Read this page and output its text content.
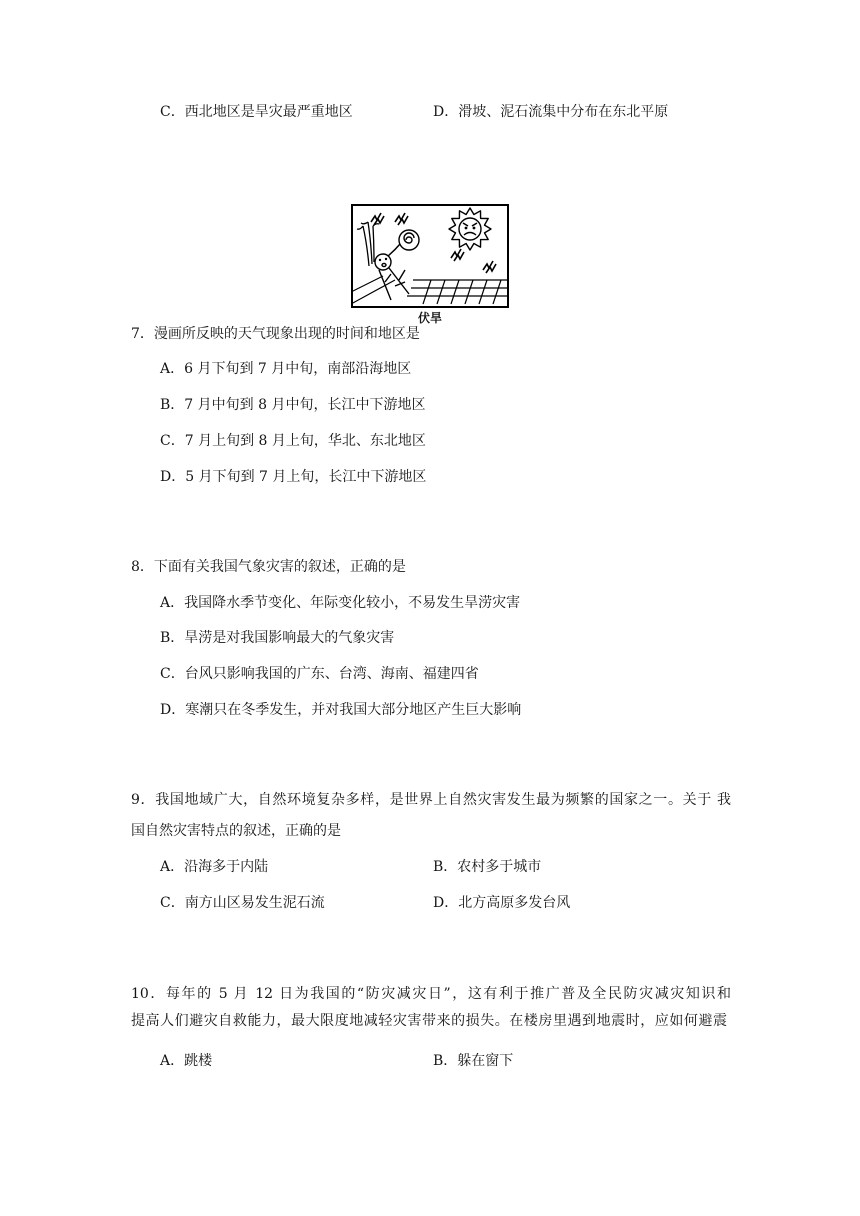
C．西北地区是旱灾最严重地区	D．滑坡、泥石流集中分布在东北平原
伏旱
7．漫画所反映的天气现象出现的时间和地区是
A．6 月下旬到 7 月中旬，南部沿海地区
B．7 月中旬到 8 月中旬，长江中下游地区
C．7 月上旬到 8 月上旬，华北、东北地区
D．5 月下旬到 7 月上旬，长江中下游地区
8．下面有关我国气象灾害的叙述，正确的是
A．我国降水季节变化、年际变化较小，不易发生旱涝灾害
B．旱涝是对我国影响最大的气象灾害
C．台风只影响我国的广东、台湾、海南、福建四省
D．寒潮只在冬季发生，并对我国大部分地区产生巨大影响
9．我国地域广大，自然环境复杂多样，是世界上自然灾害发生最为频繁的国家之一。关于 我
国自然灾害特点的叙述，正确的是
A．沿海多于内陆	B．农村多于城市
C．南方山区易发生泥石流	D．北方高原多发台风
10．每年的 5 月 12 日为我国的“防灾减灾日”，这有利于推广普及全民防灾减灾知识和
提高人们避灾自救能力，最大限度地减轻灾害带来的损失。在楼房里遇到地震时，应如何避震
A．跳楼	B．躲在窗下
